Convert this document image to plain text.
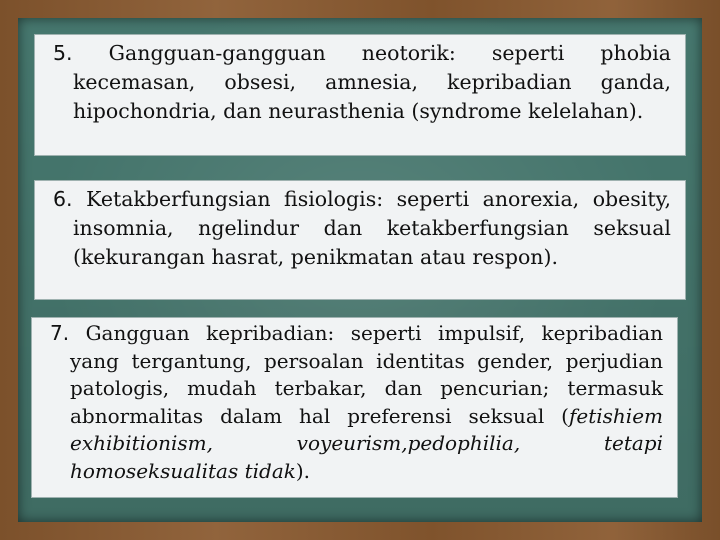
5. Gangguan-gangguan neotorik: seperti phobia kecemasan, obsesi, amnesia, kepribadian ganda, hipochondria, dan neurasthenia (syndrome kelelahan).

6. Ketakberfungsian fisiologis: seperti anorexia, obesity, insomnia, ngelindur dan ketakberfungsian seksual (kekurangan hasrat, penikmatan atau respon).

7. Gangguan kepribadian: seperti impulsif, kepribadian yang tergantung, persoalan identitas gender, perjudian patologis, mudah terbakar, dan pencurian; termasuk abnormalitas dalam hal preferensi seksual (fetishiem exhibitionism, voyeurism,pedophilia, tetapi homoseksualitas tidak).
